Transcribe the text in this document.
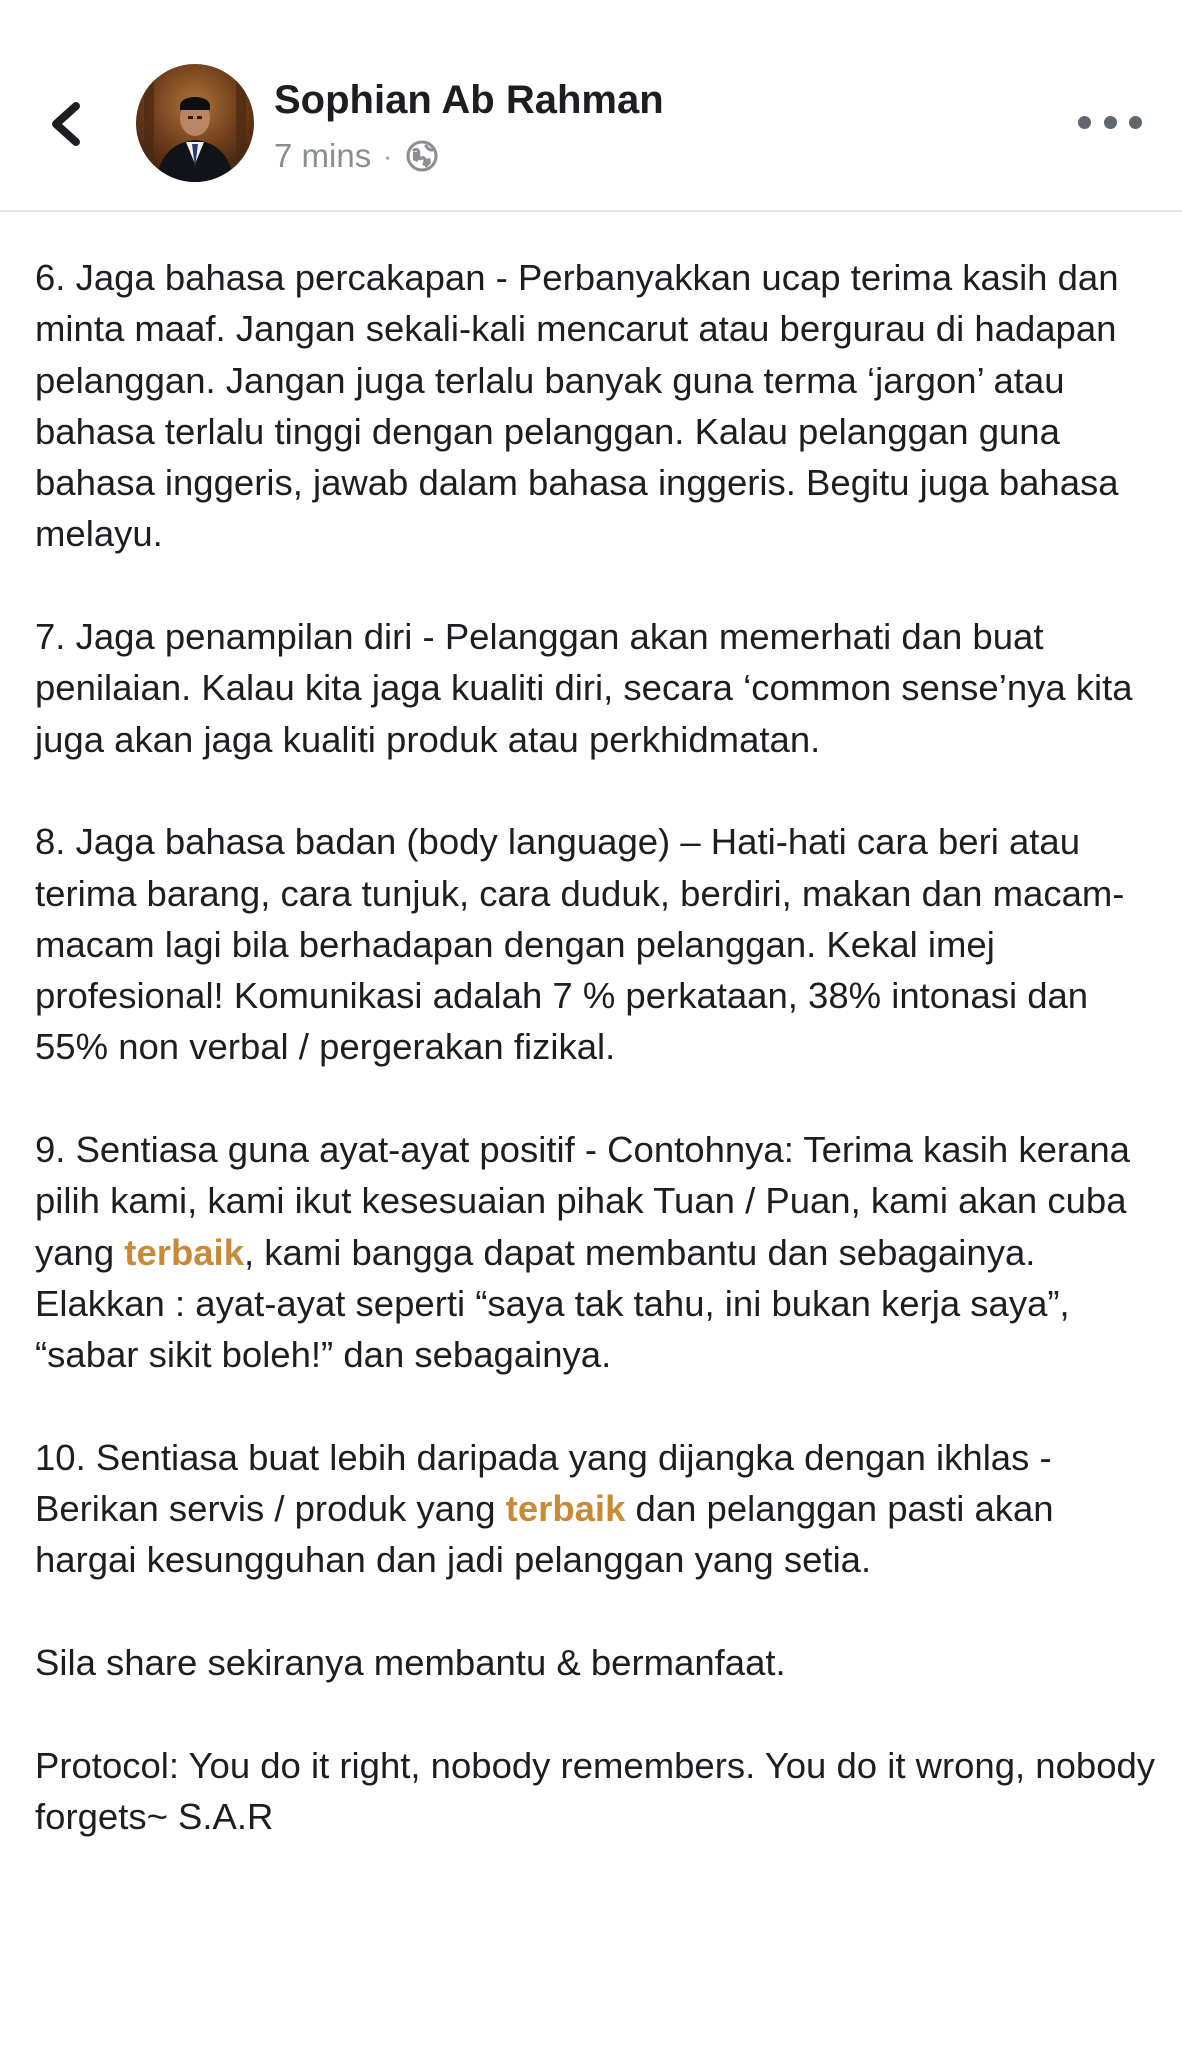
Sophian Ab Rahman
7 mins ·

6. Jaga bahasa percakapan - Perbanyakkan ucap terima kasih dan minta maaf. Jangan sekali-kali mencarut atau bergurau di hadapan pelanggan. Jangan juga terlalu banyak guna terma ‘jargon’ atau bahasa terlalu tinggi dengan pelanggan. Kalau pelanggan guna bahasa inggeris, jawab dalam bahasa inggeris. Begitu juga bahasa melayu.

7. Jaga penampilan diri - Pelanggan akan memerhati dan buat penilaian. Kalau kita jaga kualiti diri, secara ‘common sense’nya kita juga akan jaga kualiti produk atau perkhidmatan.

8. Jaga bahasa badan (body language) – Hati-hati cara beri atau terima barang, cara tunjuk, cara duduk, berdiri, makan dan macam-macam lagi bila berhadapan dengan pelanggan. Kekal imej profesional! Komunikasi adalah 7 % perkataan, 38% intonasi dan 55% non verbal / pergerakan fizikal.

9. Sentiasa guna ayat-ayat positif - Contohnya: Terima kasih kerana pilih kami, kami ikut kesesuaian pihak Tuan / Puan, kami akan cuba yang terbaik, kami bangga dapat membantu dan sebagainya. Elakkan : ayat-ayat seperti “saya tak tahu, ini bukan kerja saya”, “sabar sikit boleh!” dan sebagainya.

10. Sentiasa buat lebih daripada yang dijangka dengan ikhlas - Berikan servis / produk yang terbaik dan pelanggan pasti akan hargai kesungguhan dan jadi pelanggan yang setia.

Sila share sekiranya membantu & bermanfaat.

Protocol: You do it right, nobody remembers. You do it wrong, nobody forgets~ S.A.R
